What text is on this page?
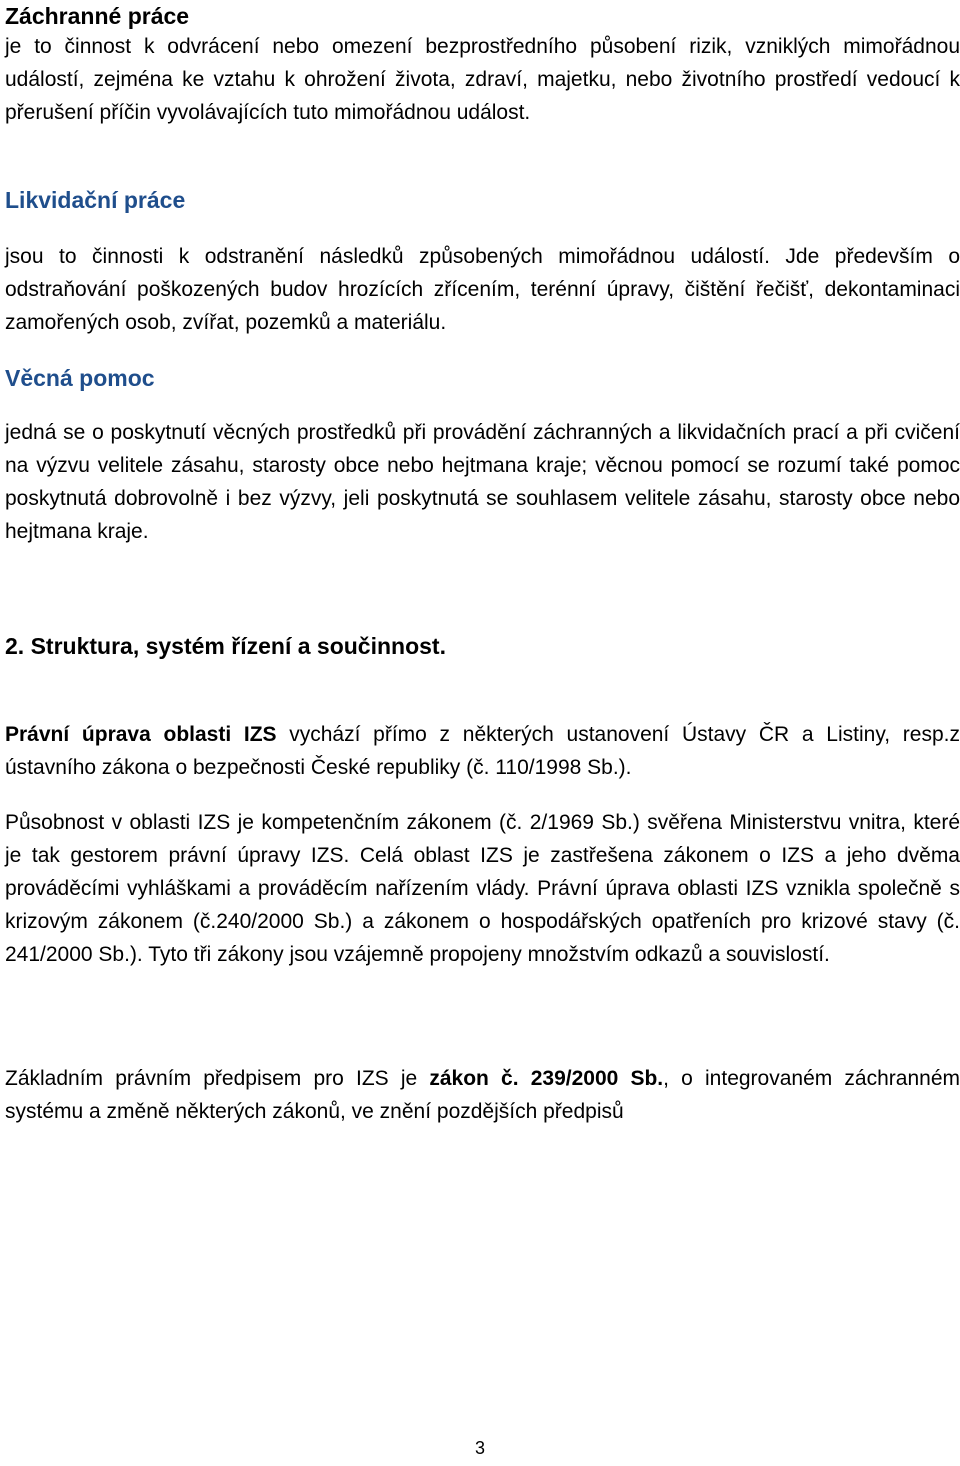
Záchranné práce
je to činnost k odvrácení nebo omezení bezprostředního působení rizik, vzniklých mimořádnou událostí, zejména ke vztahu k ohrožení života, zdraví, majetku, nebo životního prostředí vedoucí k přerušení příčin vyvolávajících tuto mimořádnou událost.
Likvidační práce
jsou to činnosti k odstranění následků způsobených mimořádnou událostí. Jde především o odstraňování poškozených budov hrozících zřícením, terénní úpravy, čištění řečišť, dekontaminaci zamořených osob, zvířat, pozemků a materiálu.
Věcná pomoc
jedná se o poskytnutí věcných prostředků při provádění záchranných a likvidačních prací a při cvičení na výzvu velitele zásahu, starosty obce nebo hejtmana kraje; věcnou pomocí se rozumí také pomoc poskytnutá dobrovolně i bez výzvy, jeli poskytnutá se souhlasem velitele zásahu, starosty obce nebo hejtmana kraje.
2. Struktura, systém řízení a součinnost.
Právní úprava oblasti IZS vychází přímo z některých ustanovení Ústavy ČR a Listiny, resp.z ústavního zákona o bezpečnosti České republiky (č. 110/1998 Sb.).
Působnost v oblasti IZS je kompetenčním zákonem (č. 2/1969 Sb.) svěřena Ministerstvu vnitra, které je tak gestorem právní úpravy IZS. Celá oblast IZS je zastřešena zákonem o IZS a jeho dvěma prováděcími vyhláškami a prováděcím nařízením vlády. Právní úprava oblasti IZS vznikla společně s krizovým zákonem (č.240/2000 Sb.) a zákonem o hospodářských opatřeních pro krizové stavy (č. 241/2000 Sb.). Tyto tři zákony jsou vzájemně propojeny množstvím odkazů a souvislostí.
Základním právním předpisem pro IZS je zákon č. 239/2000 Sb., o integrovaném záchranném systému a změně některých zákonů, ve znění pozdějších předpisů
3
